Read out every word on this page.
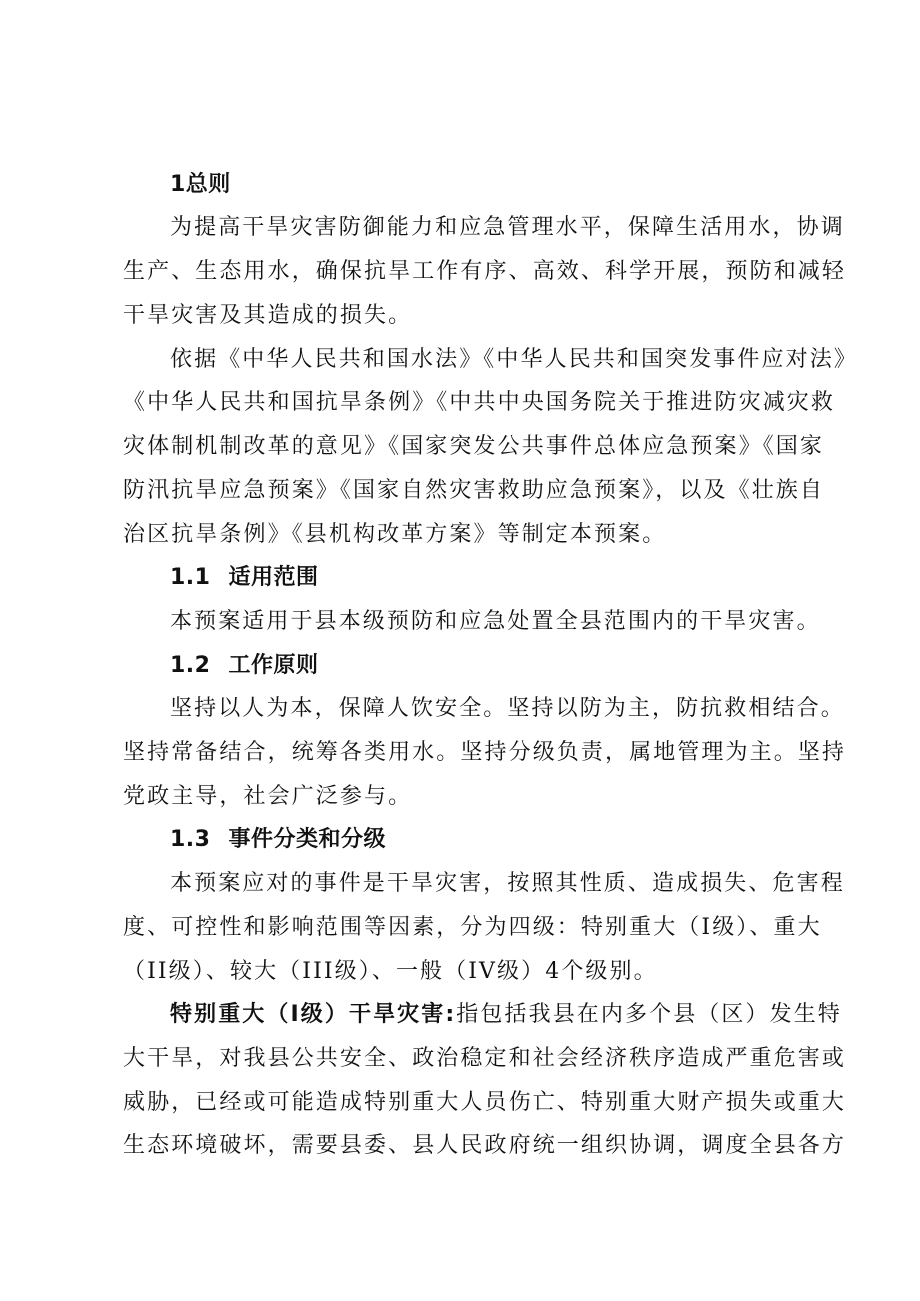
1总则
为提高干旱灾害防御能力和应急管理水平，保障生活用水，协调
生产、生态用水，确保抗旱工作有序、高效、科学开展，预防和减轻
干旱灾害及其造成的损失。
依据《中华人民共和国水法》《中华人民共和国突发事件应对法》
《中华人民共和国抗旱条例》《中共中央国务院关于推进防灾减灾救
灾体制机制改革的意见》《国家突发公共事件总体应急预案》《国家
防汛抗旱应急预案》《国家自然灾害救助应急预案》，以及《壮族自
治区抗旱条例》《县机构改革方案》等制定本预案。
1.1 适用范围
本预案适用于县本级预防和应急处置全县范围内的干旱灾害。
1.2 工作原则
坚持以人为本，保障人饮安全。坚持以防为主，防抗救相结合。
坚持常备结合，统筹各类用水。坚持分级负责，属地管理为主。坚持
党政主导，社会广泛参与。
1.3 事件分类和分级
本预案应对的事件是干旱灾害，按照其性质、造成损失、危害程
度、可控性和影响范围等因素，分为四级：特别重大（I级）、重大
（II级）、较大（III级）、一般（IV级）4个级别。
特别重大（I级）干旱灾害:指包括我县在内多个县（区）发生特
大干旱，对我县公共安全、政治稳定和社会经济秩序造成严重危害或
威胁，已经或可能造成特别重大人员伤亡、特别重大财产损失或重大
生态环境破坏，需要县委、县人民政府统一组织协调，调度全县各方
